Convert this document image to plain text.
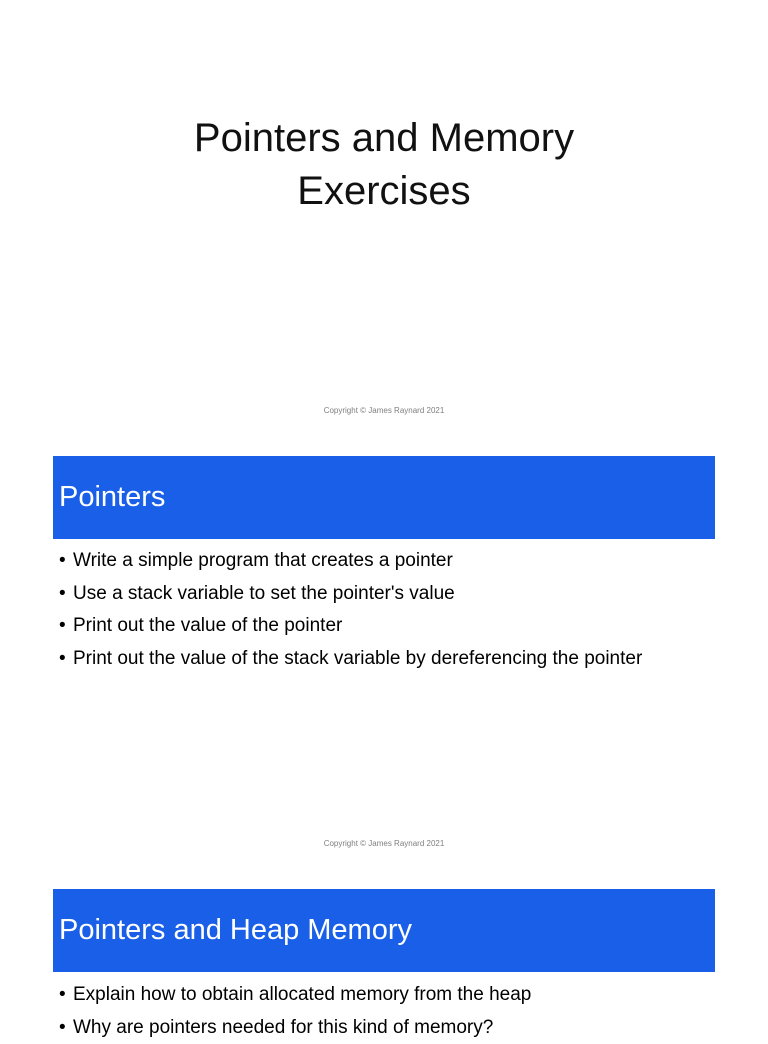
Pointers and Memory
Exercises
Copyright © James Raynard 2021
Pointers
• Write a simple program that creates a pointer
• Use a stack variable to set the pointer's value
• Print out the value of the pointer
• Print out the value of the stack variable by dereferencing the pointer
Copyright © James Raynard 2021
Pointers and Heap Memory
• Explain how to obtain allocated memory from the heap
• Why are pointers needed for this kind of memory?
